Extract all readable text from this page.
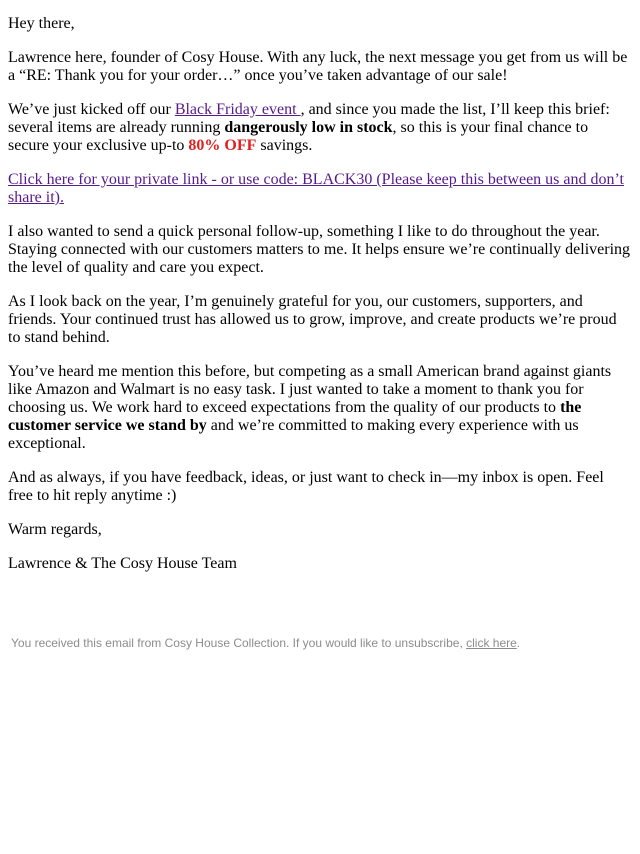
Hey there,

Lawrence here, founder of Cosy House. With any luck, the next message you get from us will be a “RE: Thank you for your order…” once you’ve taken advantage of our sale!

We’ve just kicked off our Black Friday event , and since you made the list, I’ll keep this brief: several items are already running dangerously low in stock, so this is your final chance to secure your exclusive up-to 80% OFF savings.

Click here for your private link - or use code: BLACK30 (Please keep this between us and don’t share it).

I also wanted to send a quick personal follow-up, something I like to do throughout the year. Staying connected with our customers matters to me. It helps ensure we’re continually delivering the level of quality and care you expect.

As I look back on the year, I’m genuinely grateful for you, our customers, supporters, and friends. Your continued trust has allowed us to grow, improve, and create products we’re proud to stand behind.

You’ve heard me mention this before, but competing as a small American brand against giants like Amazon and Walmart is no easy task. I just wanted to take a moment to thank you for choosing us. We work hard to exceed expectations from the quality of our products to the customer service we stand by and we’re committed to making every experience with us exceptional.

And as always, if you have feedback, ideas, or just want to check in—my inbox is open. Feel free to hit reply anytime :)

Warm regards,

Lawrence & The Cosy House Team

You received this email from Cosy House Collection. If you would like to unsubscribe, click here.
